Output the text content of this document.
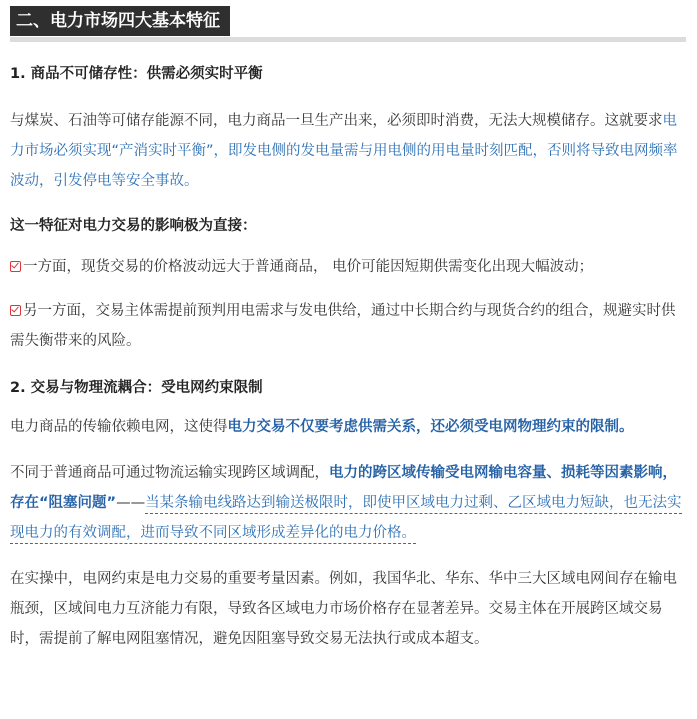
二、电力市场四大基本特征
1. 商品不可储存性：供需必须实时平衡

与煤炭、石油等可储存能源不同，电力商品一旦生产出来，必须即时消费，无法大规模储存。这就要求电力市场必须实现“产消实时平衡”，即发电侧的发电量需与用电侧的用电量时刻匹配，否则将导致电网频率波动，引发停电等安全事故。

这一特征对电力交易的影响极为直接：

一方面，现货交易的价格波动远大于普通商品， 电价可能因短期供需变化出现大幅波动；

另一方面，交易主体需提前预判用电需求与发电供给，通过中长期合约与现货合约的组合，规避实时供需失衡带来的风险。

2. 交易与物理流耦合：受电网约束限制

电力商品的传输依赖电网，这使得电力交易不仅要考虑供需关系，还必须受电网物理约束的限制。

不同于普通商品可通过物流运输实现跨区域调配，电力的跨区域传输受电网输电容量、损耗等因素影响，存在“阻塞问题”——当某条输电线路达到输送极限时，即使甲区域电力过剩、乙区域电力短缺，也无法实现电力的有效调配，进而导致不同区域形成差异化的电力价格。

在实操中，电网约束是电力交易的重要考量因素。例如，我国华北、华东、华中三大区域电网间存在输电瓶颈，区域间电力互济能力有限，导致各区域电力市场价格存在显著差异。交易主体在开展跨区域交易时，需提前了解电网阻塞情况，避免因阻塞导致交易无法执行或成本超支。
